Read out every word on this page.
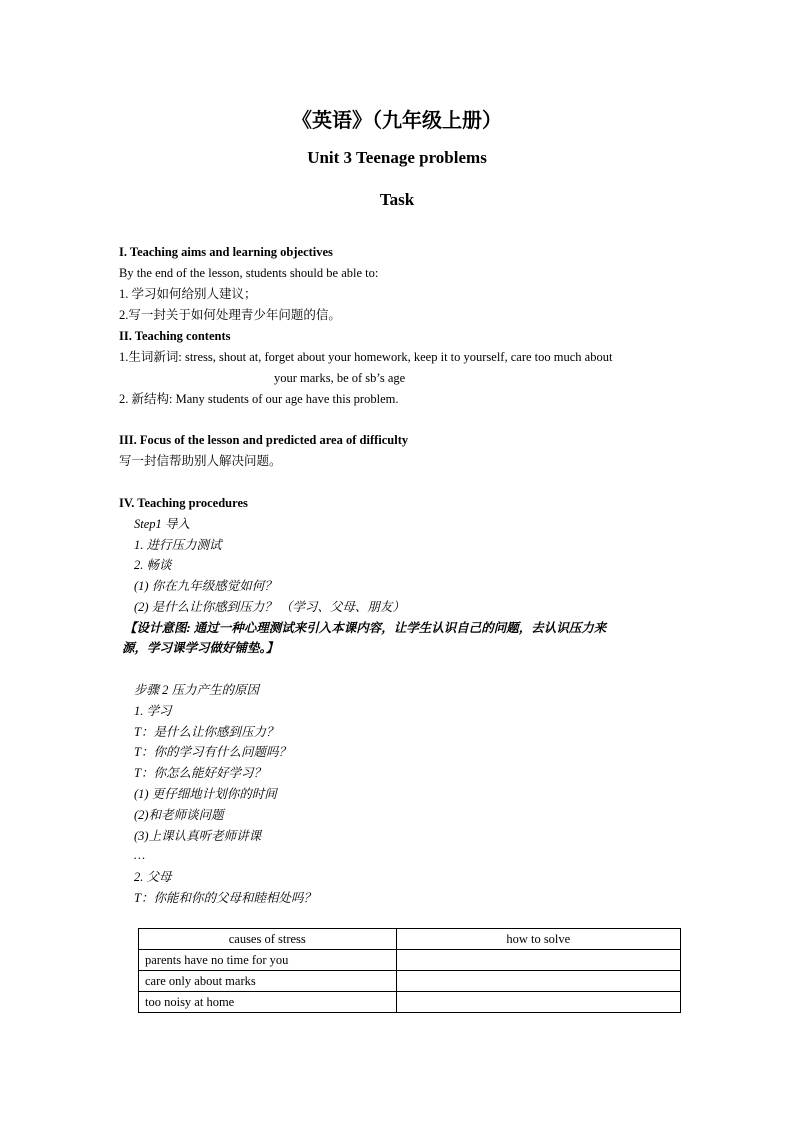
《英语》（九年级上册）
Unit 3 Teenage problems
Task
I. Teaching aims and learning objectives
By the end of the lesson, students should be able to:
1. 学习如何给别人建议；
2.写一封关于如何处理青少年问题的信。
II. Teaching contents
1.生词新词: stress, shout at, forget about your homework, keep it to yourself, care too much about
your marks, be of sb’s age
2. 新结构: Many students of our age have this problem.
III. Focus of the lesson and predicted area of difficulty
写一封信帮助别人解决问题。
IV. Teaching procedures
Step1 导入
1. 进行压力测试
2. 畅谈
(1) 你在九年级感觉如何？
(2) 是什么让你感到压力？ （学习、父母、朋友）
【设计意图: 通过一种心理测试来引入本课内容，让学生认识自己的问题，去认识压力来
源，学习课学习做好铺垫。】
步骤 2 压力产生的原因
1. 学习
T：是什么让你感到压力？
T：你的学习有什么问题吗？
T：你怎么能好好学习？
(1) 更仔细地计划你的时间
(2)和老师谈问题
(3)上课认真听老师讲课
…
2. 父母
T：你能和你的父母和睦相处吗？
causes of stress	how to solve
parents have no time for you	
care only about marks	
too noisy at home	
